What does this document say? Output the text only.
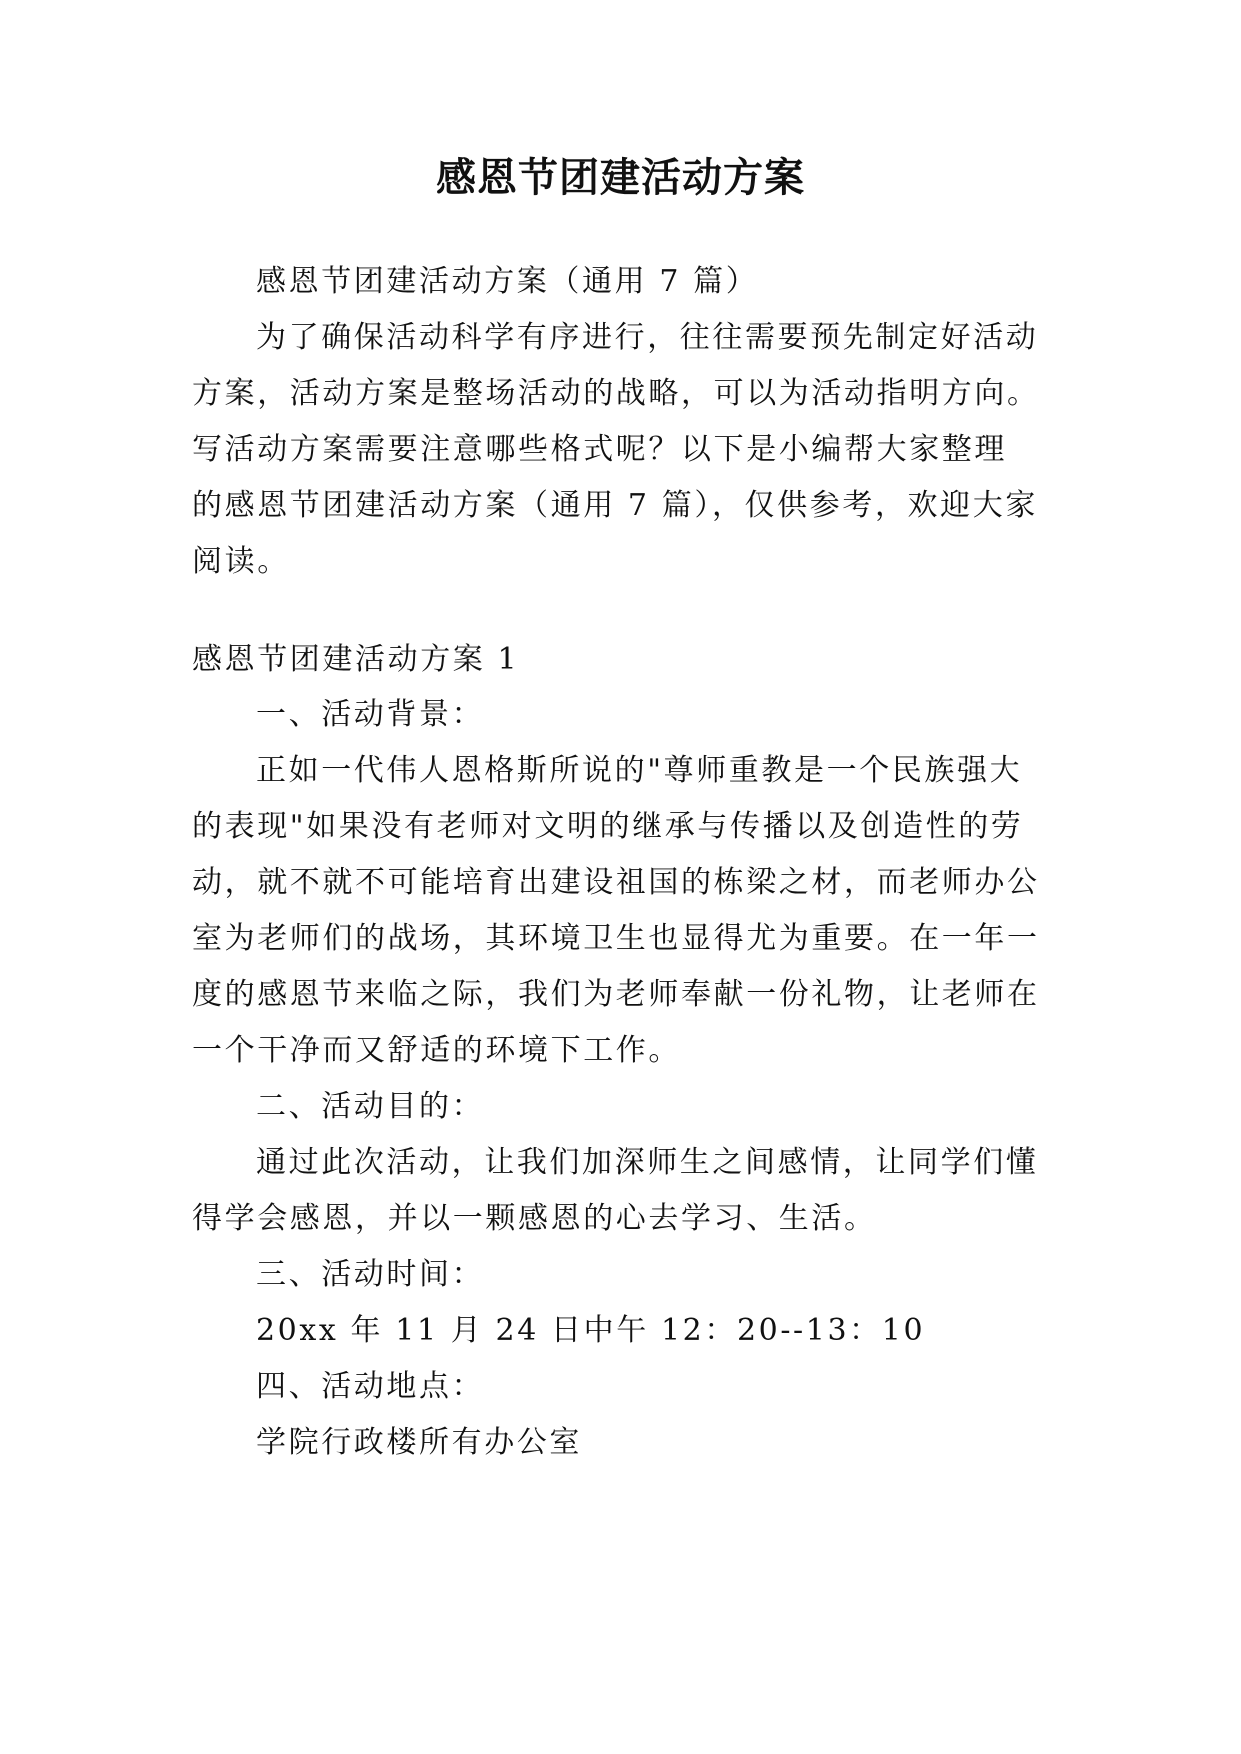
感恩节团建活动方案
感恩节团建活动方案（通用 7 篇）
为了确保活动科学有序进行，往往需要预先制定好活动
方案，活动方案是整场活动的战略，可以为活动指明方向。
写活动方案需要注意哪些格式呢？以下是小编帮大家整理
的感恩节团建活动方案（通用 7 篇），仅供参考，欢迎大家
阅读。
感恩节团建活动方案 1
一、活动背景：
正如一代伟人恩格斯所说的"尊师重教是一个民族强大
的表现"如果没有老师对文明的继承与传播以及创造性的劳
动，就不就不可能培育出建设祖国的栋梁之材，而老师办公
室为老师们的战场，其环境卫生也显得尤为重要。在一年一
度的感恩节来临之际，我们为老师奉献一份礼物，让老师在
一个干净而又舒适的环境下工作。
二、活动目的：
通过此次活动，让我们加深师生之间感情，让同学们懂
得学会感恩，并以一颗感恩的心去学习、生活。
三、活动时间：
20xx 年 11 月 24 日中午 12：20--13：10
四、活动地点：
学院行政楼所有办公室
